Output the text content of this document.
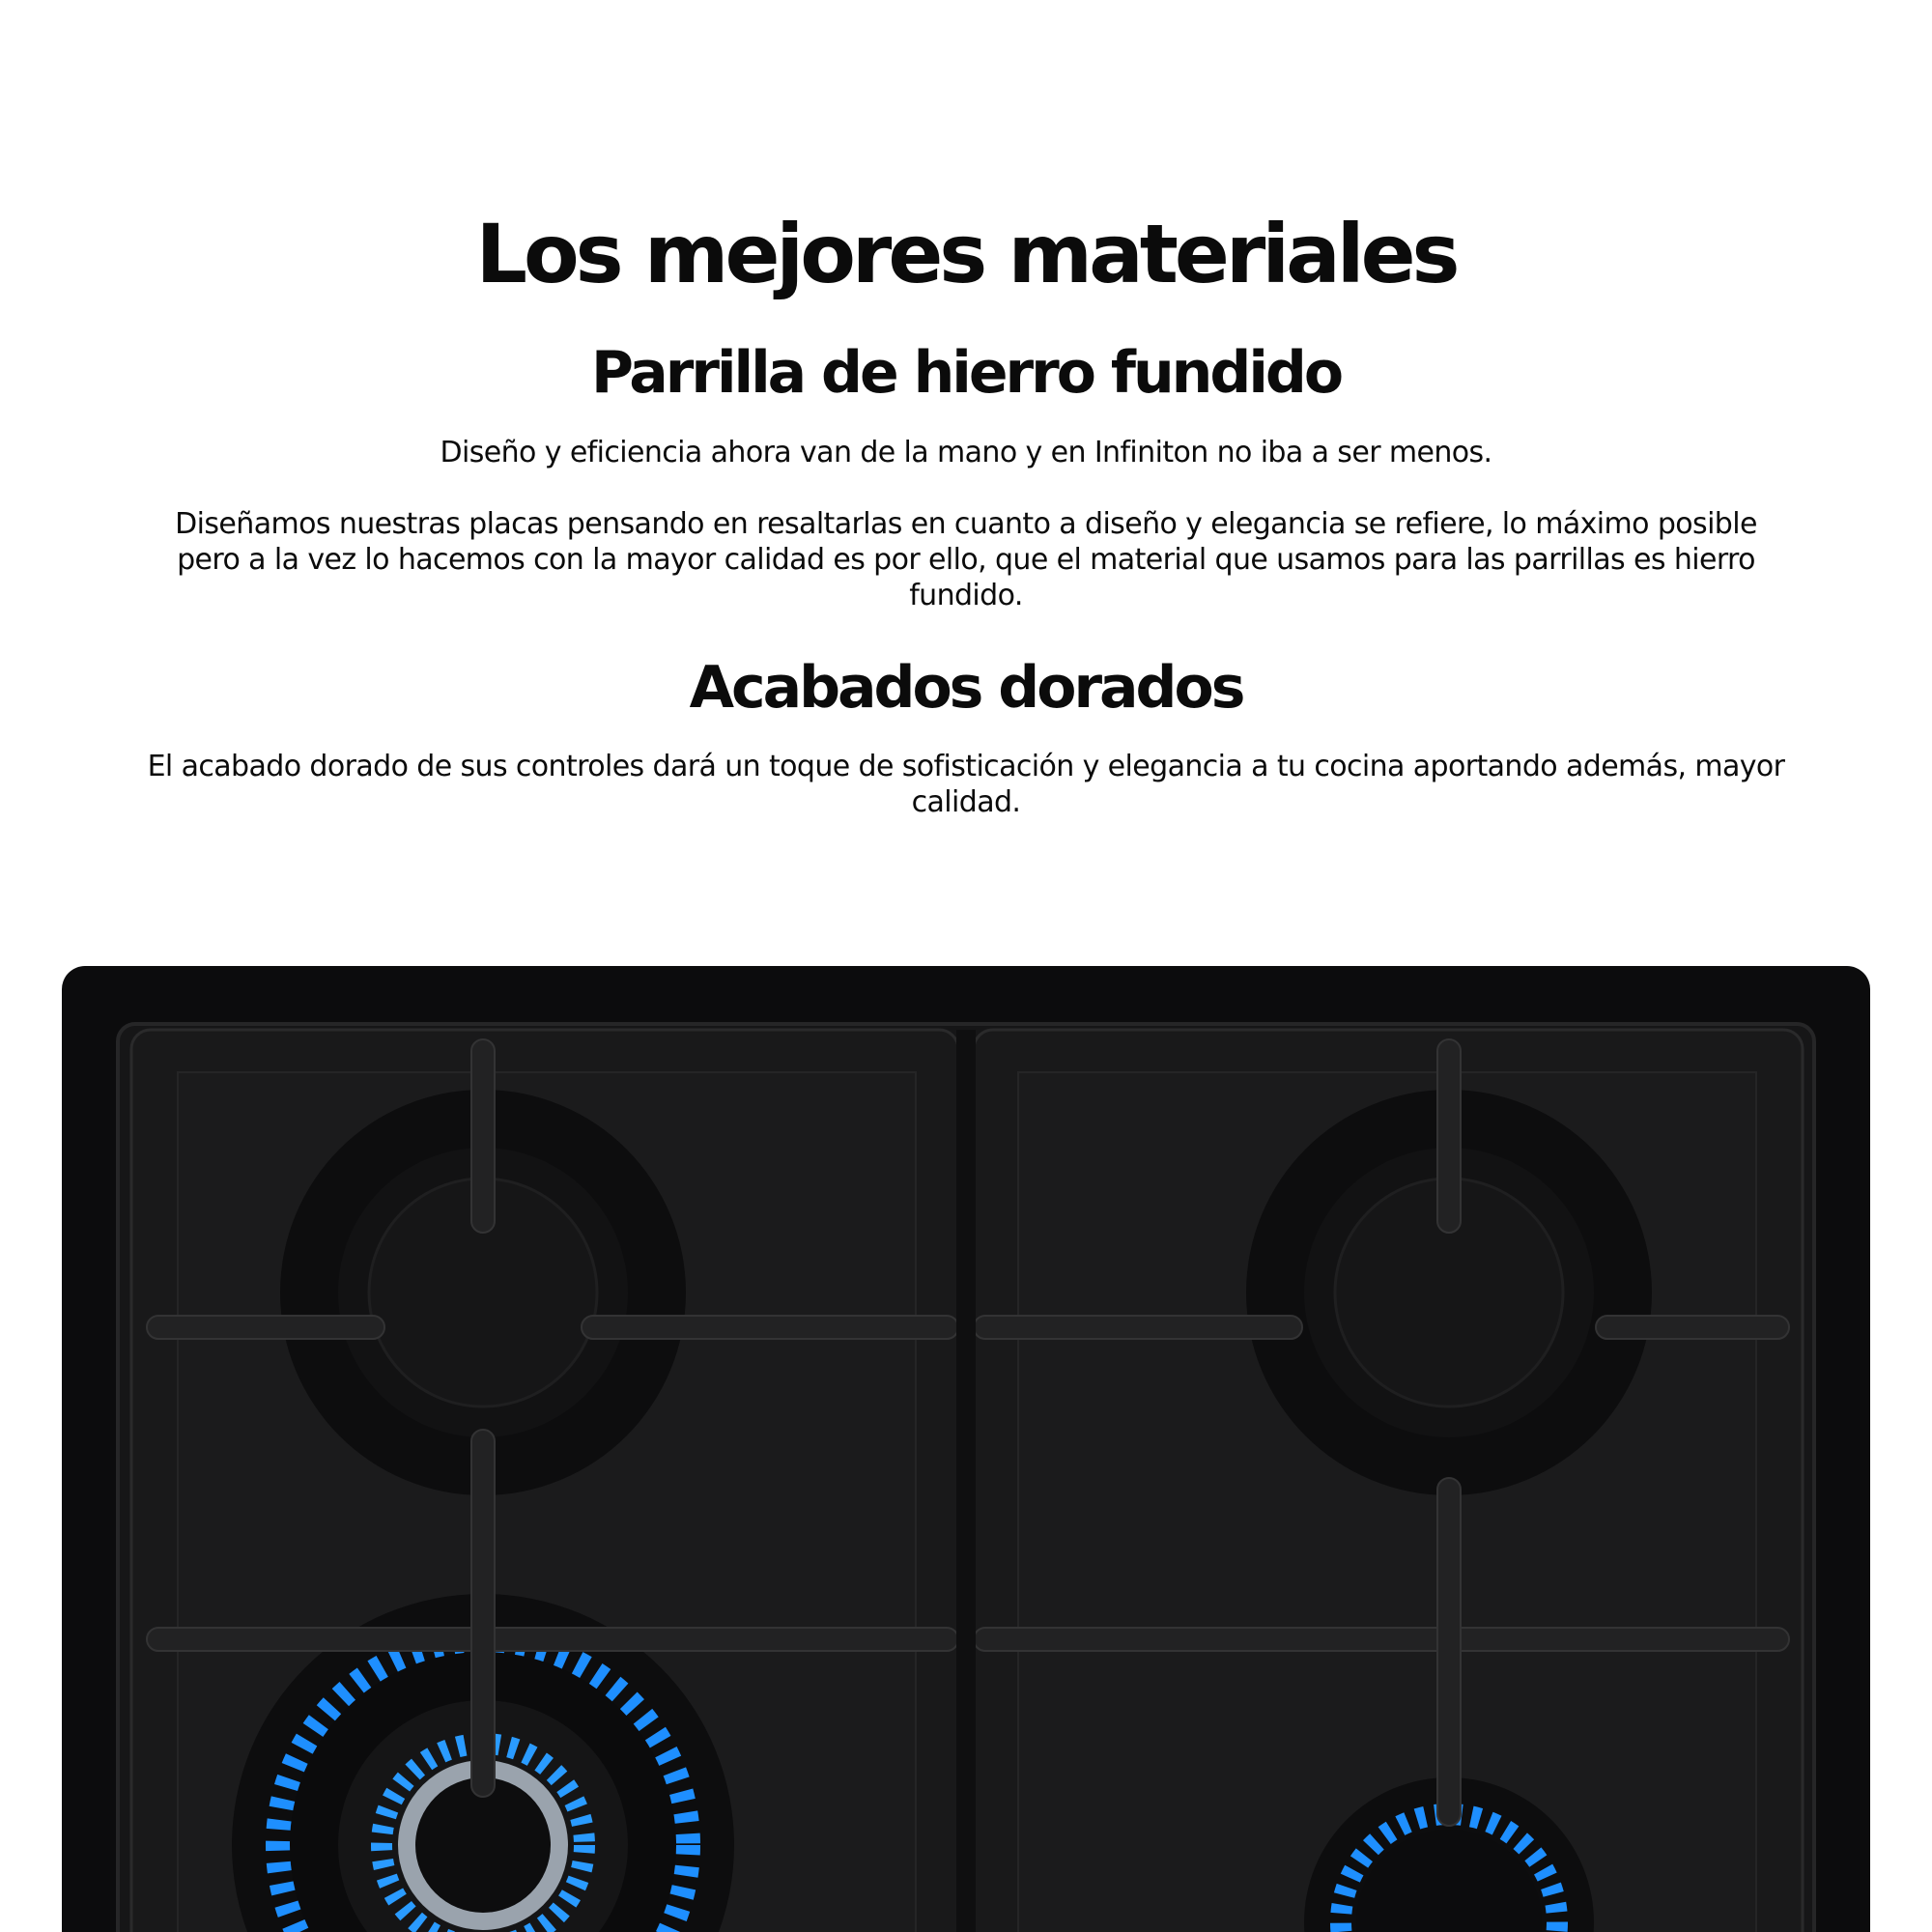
Los mejores materiales
Parrilla de hierro fundido

Diseño y eficiencia ahora van de la mano y en Infiniton no iba a ser menos.

Diseñamos nuestras placas pensando en resaltarlas en cuanto a diseño y elegancia se refiere, lo máximo posible pero a la vez lo hacemos con la mayor calidad es por ello, que el material que usamos para las parrillas es hierro fundido.

Acabados dorados

El acabado dorado de sus controles dará un toque de sofisticación y elegancia a tu cocina aportando además, mayor calidad.
